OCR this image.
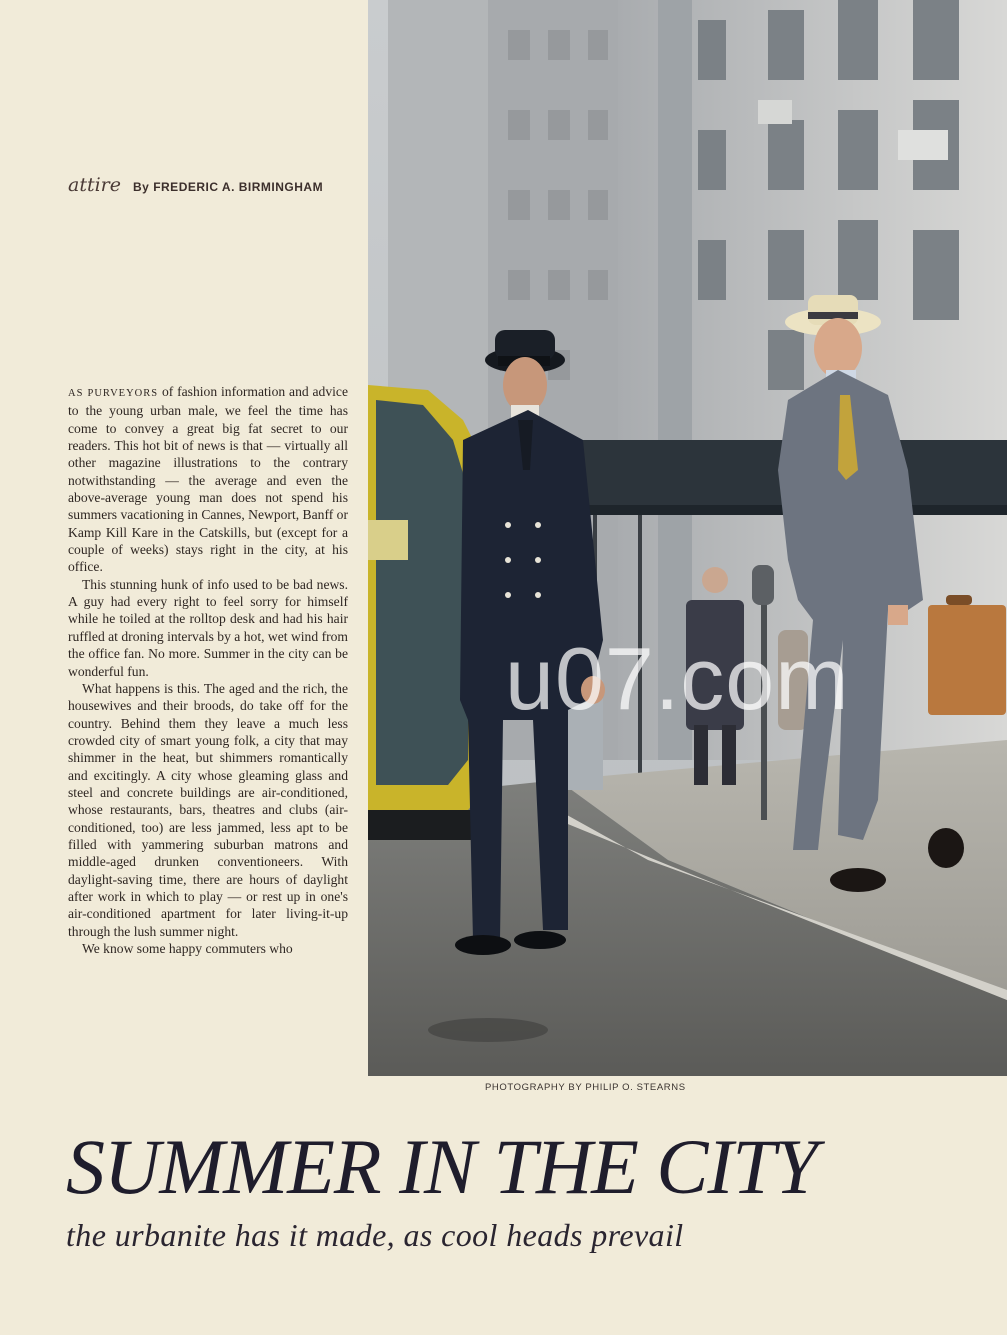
attire By FREDERIC A. BIRMINGHAM

AS PURVEYORS of fashion information and advice to the young urban male, we feel the time has come to convey a great big fat secret to our readers. This hot bit of news is that — virtually all other magazine illustrations to the contrary notwithstanding — the average and even the above-average young man does not spend his summers vacationing in Cannes, Newport, Banff or Kamp Kill Kare in the Catskills, but (except for a couple of weeks) stays right in the city, at his office.

This stunning hunk of info used to be bad news. A guy had every right to feel sorry for himself while he toiled at the rolltop desk and had his hair ruffled at droning intervals by a hot, wet wind from the office fan. No more. Summer in the city can be wonderful fun.

What happens is this. The aged and the rich, the housewives and their broods, do take off for the country. Behind them they leave a much less crowded city of smart young folk, a city that may shimmer in the heat, but shimmers romantically and excitingly. A city whose gleaming glass and steel and concrete buildings are air-conditioned, whose restaurants, bars, theatres and clubs (air-conditioned, too) are less jammed, less apt to be filled with yammering suburban matrons and middle-aged drunken conventioneers. With daylight-saving time, there are hours of daylight after work in which to play — or rest up in one's air-conditioned apartment for later living-it-up through the lush summer night.

We know some happy commuters who

u07.com
PHOTOGRAPHY BY PHILIP O. STEARNS
SUMMER IN THE CITY
the urbanite has it made, as cool heads prevail
